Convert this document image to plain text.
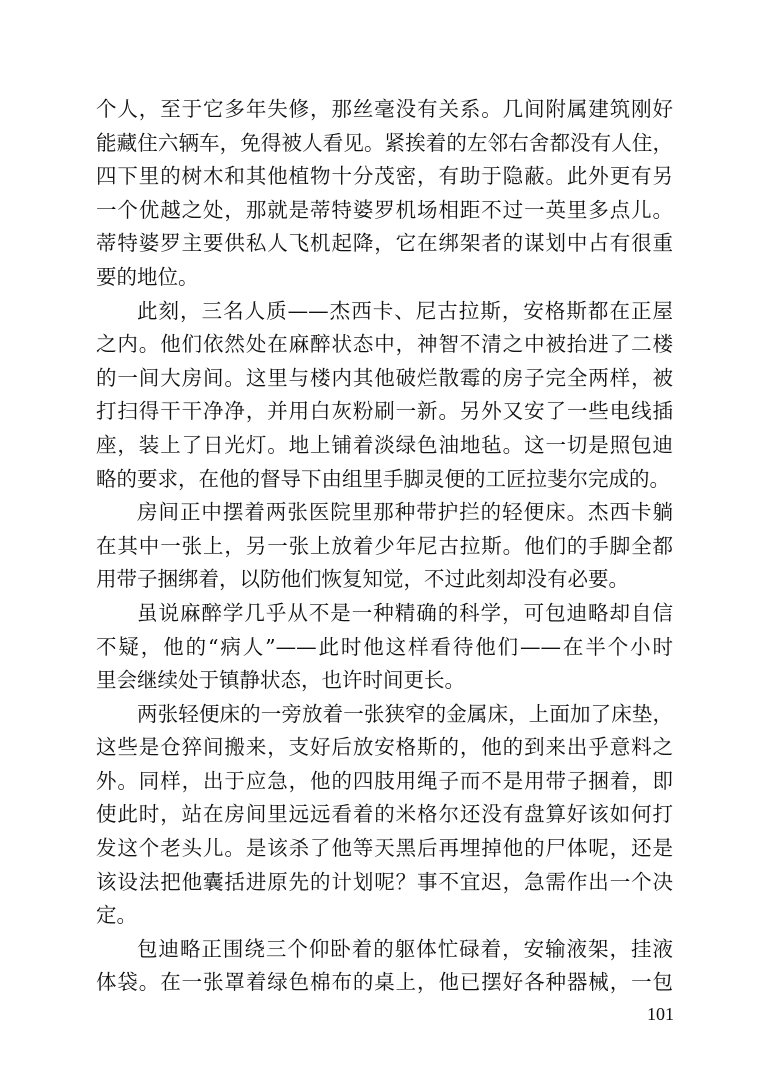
个人，至于它多年失修，那丝毫没有关系。几间附属建筑刚好
能藏住六辆车，免得被人看见。紧挨着的左邻右舍都没有人住，
四下里的树木和其他植物十分茂密，有助于隐蔽。此外更有另
一个优越之处，那就是蒂特婆罗机场相距不过一英里多点儿。
蒂特婆罗主要供私人飞机起降，它在绑架者的谋划中占有很重
要的地位。
此刻，三名人质——杰西卡、尼古拉斯，安格斯都在正屋
之内。他们依然处在麻醉状态中，神智不清之中被抬进了二楼
的一间大房间。这里与楼内其他破烂散霉的房子完全两样，被
打扫得干干净净，并用白灰粉刷一新。另外又安了一些电线插
座，装上了日光灯。地上铺着淡绿色油地毡。这一切是照包迪
略的要求，在他的督导下由组里手脚灵便的工匠拉斐尔完成的。
房间正中摆着两张医院里那种带护拦的轻便床。杰西卡躺
在其中一张上，另一张上放着少年尼古拉斯。他们的手脚全都
用带子捆绑着，以防他们恢复知觉，不过此刻却没有必要。
虽说麻醉学几乎从不是一种精确的科学，可包迪略却自信
不疑，他的“病人”——此时他这样看待他们——在半个小时
里会继续处于镇静状态，也许时间更长。
两张轻便床的一旁放着一张狭窄的金属床，上面加了床垫，
这些是仓猝间搬来，支好后放安格斯的，他的到来出乎意料之
外。同样，出于应急，他的四肢用绳子而不是用带子捆着，即
使此时，站在房间里远远看着的米格尔还没有盘算好该如何打
发这个老头儿。是该杀了他等天黑后再埋掉他的尸体呢，还是
该设法把他囊括进原先的计划呢？事不宜迟，急需作出一个决
定。
包迪略正围绕三个仰卧着的躯体忙碌着，安输液架，挂液
体袋。在一张罩着绿色棉布的桌上，他已摆好各种器械，一包
101
